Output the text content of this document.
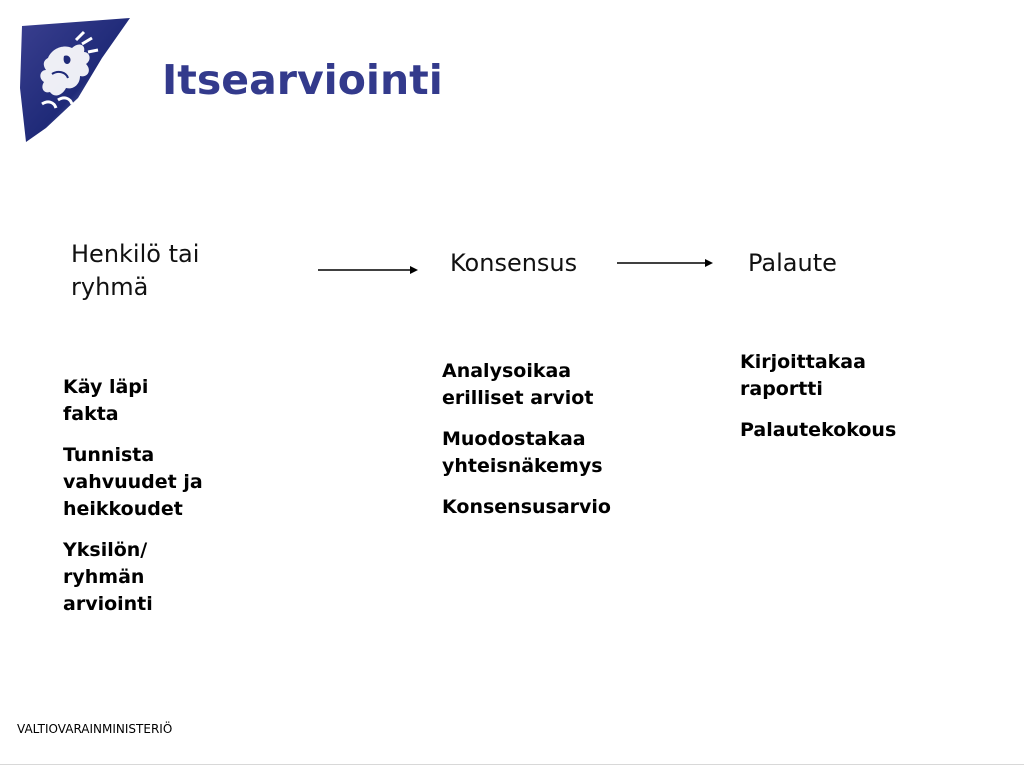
Itsearviointi
Henkilö tai ryhmä
Konsensus	Palaute
Käy läpi fakta
Tunnista vahvuudet ja heikkoudet
Yksilön/ ryhmän arviointi
Analysoikaa erilliset arviot
Muodostakaa yhteisnäkemys
Konsensusarvio
Kirjoittakaa raportti
Palautekokous
VALTIOVARAINMINISTERIÖ
